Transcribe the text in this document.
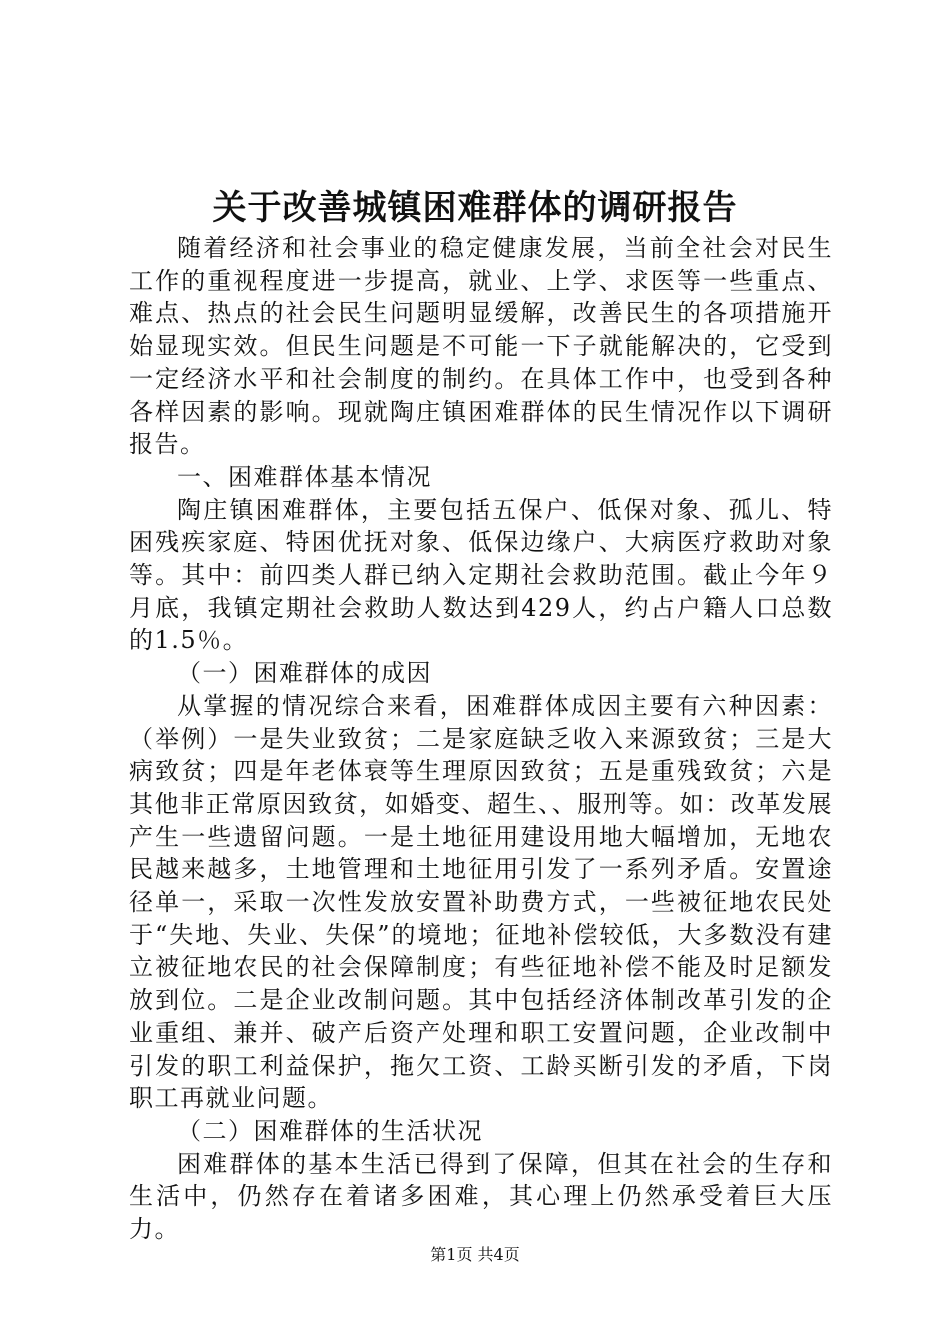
关于改善城镇困难群体的调研报告

随着经济和社会事业的稳定健康发展，当前全社会对民生工作的重视程度进一步提高，就业、上学、求医等一些重点、难点、热点的社会民生问题明显缓解，改善民生的各项措施开始显现实效。但民生问题是不可能一下子就能解决的，它受到一定经济水平和社会制度的制约。在具体工作中，也受到各种各样因素的影响。现就陶庄镇困难群体的民生情况作以下调研报告。

一、困难群体基本情况

陶庄镇困难群体，主要包括五保户、低保对象、孤儿、特困残疾家庭、特困优抚对象、低保边缘户、大病医疗救助对象等。其中：前四类人群已纳入定期社会救助范围。截止今年９月底，我镇定期社会救助人数达到429人，约占户籍人口总数的1.5％。

（一）困难群体的成因

从掌握的情况综合来看，困难群体成因主要有六种因素：（举例）一是失业致贫；二是家庭缺乏收入来源致贫；三是大病致贫；四是年老体衰等生理原因致贫；五是重残致贫；六是其他非正常原因致贫，如婚变、超生、、服刑等。如：改革发展产生一些遗留问题。一是土地征用建设用地大幅增加，无地农民越来越多，土地管理和土地征用引发了一系列矛盾。安置途径单一，采取一次性发放安置补助费方式，一些被征地农民处于“失地、失业、失保”的境地；征地补偿较低，大多数没有建立被征地农民的社会保障制度；有些征地补偿不能及时足额发放到位。二是企业改制问题。其中包括经济体制改革引发的企业重组、兼并、破产后资产处理和职工安置问题，企业改制中引发的职工利益保护，拖欠工资、工龄买断引发的矛盾，下岗职工再就业问题。

（二）困难群体的生活状况

困难群体的基本生活已得到了保障，但其在社会的生存和生活中，仍然存在着诸多困难，其心理上仍然承受着巨大压力。

第1页 共4页
